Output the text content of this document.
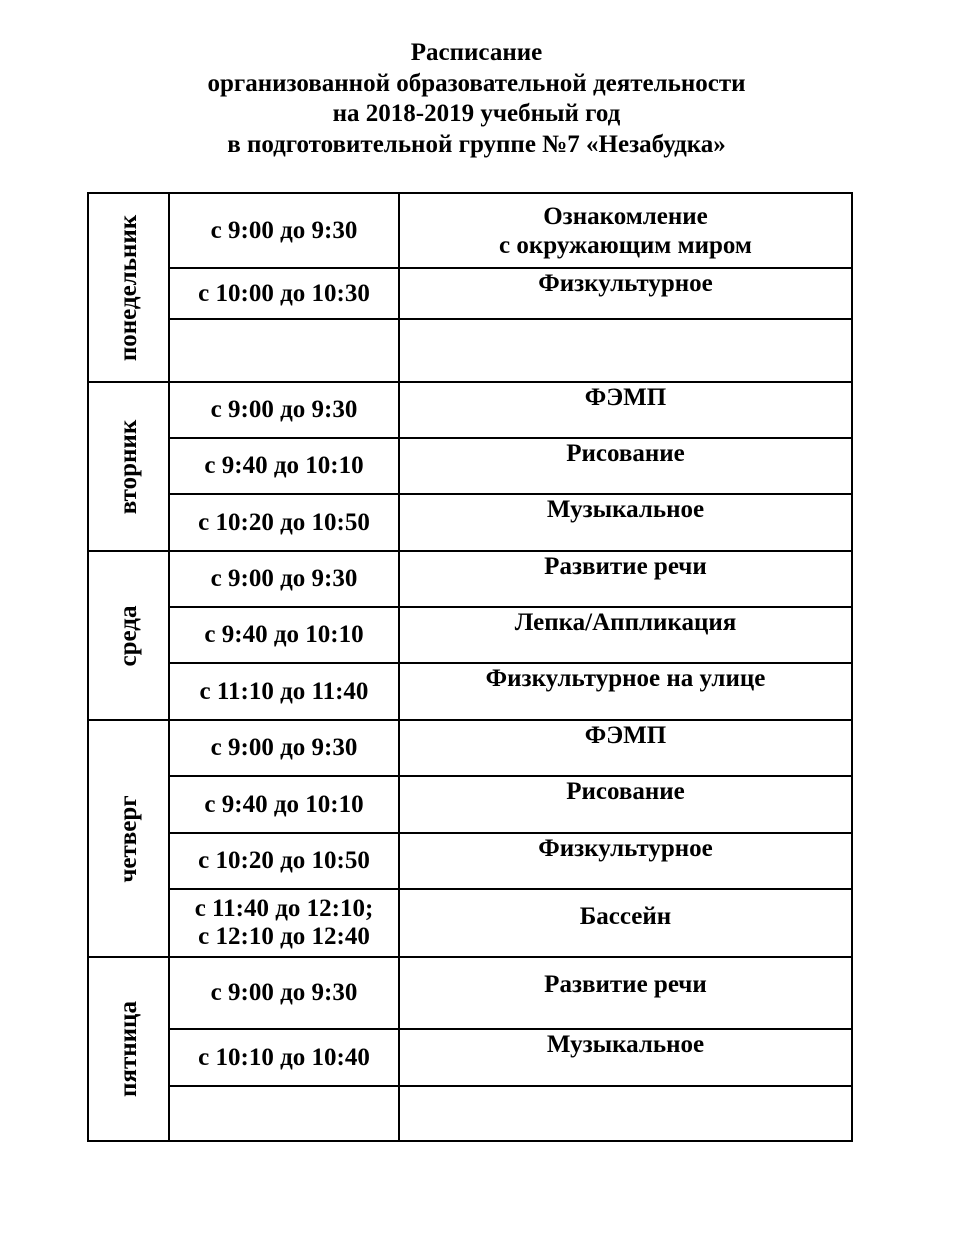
Расписание
организованной образовательной деятельности
на 2018-2019 учебный год
в подготовительной группе №7 «Незабудка»
понедельник	с 9:00 до 9:30	Ознакомление
с окружающим миром

	с 10:00 до 10:30	Физкультурное

вторник	с 9:00 до 9:30	ФЭМП
	с 9:40 до 10:10	Рисование
	с 10:20 до 10:50	Музыкальное

среда	с 9:00 до 9:30	Развитие речи
	с 9:40 до 10:10	Лепка/Аппликация
	с 11:10 до 11:40	Физкультурное на улице

четверг	с 9:00 до 9:30	ФЭМП
	с 9:40 до 10:10	Рисование
	с 10:20 до 10:50	Физкультурное

	с 11:40 до 12:10;
с 12:10 до 12:40	Бассейн

пятница	с 9:00 до 9:30	Развитие речи
	с 10:10 до 10:40	Музыкальное
